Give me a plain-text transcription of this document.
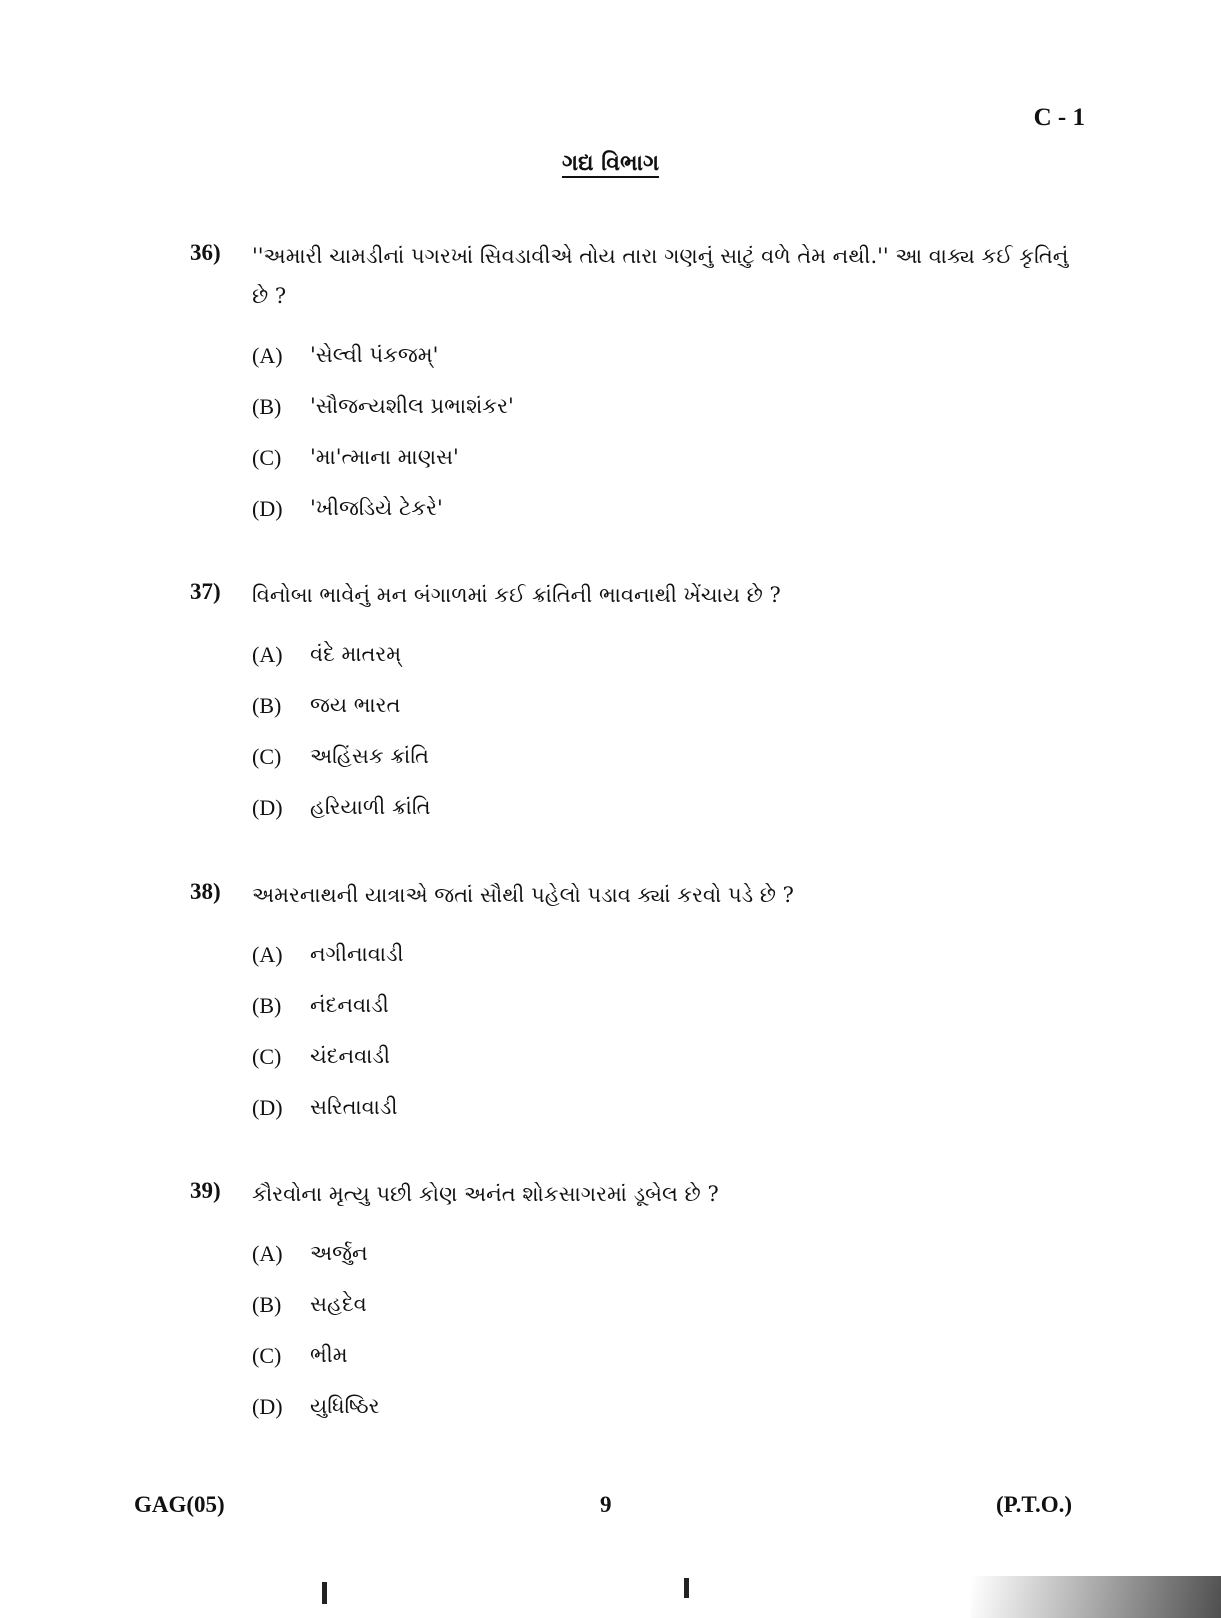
C - 1
ગદ્ય વિભાગ
36)	''અમારી ચામડીનાં પગરખાં સિવડાવીએ તોય તારા ગણનું સાટું વળે તેમ નથી.'' આ વાક્ય કઈ કૃતિનું છે ?
(A)	'સેલ્વી પંકજમ્'
(B)	'સૌજન્યશીલ પ્રભાશંકર'
(C)	'મા'ત્માના માણસ'
(D)	'ખીજડિયે ટેકરે'
37)	વિનોબા ભાવેનું મન બંગાળમાં કઈ ક્રાંતિની ભાવનાથી ખેંચાય છે ?
(A)	વંદે માતરમ્
(B)	જય ભારત
(C)	અહિંસક ક્રાંતિ
(D)	હરિયાળી ક્રાંતિ
38)	અમરનાથની યાત્રાએ જતાં સૌથી પહેલો પડાવ ક્યાં કરવો પડે છે ?
(A)	નગીનાવાડી
(B)	નંદનવાડી
(C)	ચંદનવાડી
(D)	સરિતાવાડી
39)	કૌરવોના મૃત્યુ પછી કોણ અનંત શોકસાગરમાં ડૂબેલ છે ?
(A)	અર્જુન
(B)	સહદેવ
(C)	ભીમ
(D)	યુધિષ્ઠિર
GAG(05)	9	(P.T.O.)
